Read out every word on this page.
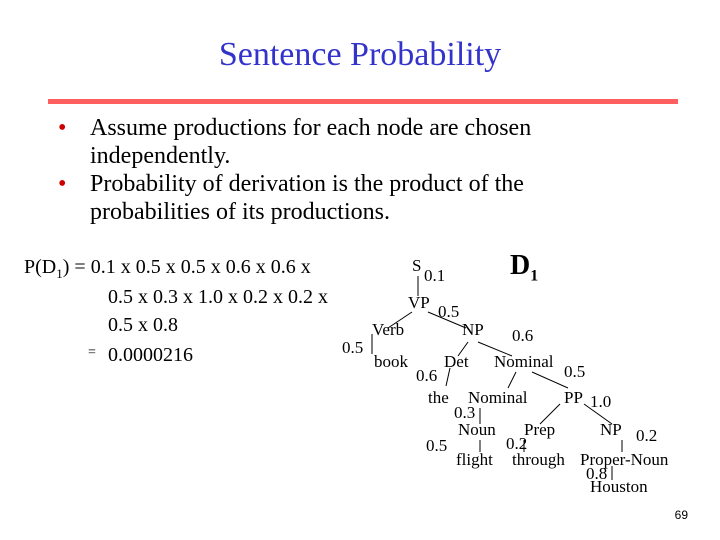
Sentence Probability
• Assume productions for each node are chosen
independently.
• Probability of derivation is the product of the
probabilities of its productions.
$P(D_1) = 0.1$ x 0.5 x 0.5 x 0.6 x 0.6 x
0.5 x 0.3 x 1.0 x 0.2 x 0.2 x
0.5 x 0.8
= 0.0000216
$D_1$
S
0.1
VP 0.5
Verb
0.5
NP 0.6
book Det
0.6
Nominal
0.5
the Nominal
0.3
PP 1.0
Noun
0.5
Prep
0.2
NP 0.2
flight through Proper-Noun
0.8
Houston
69
